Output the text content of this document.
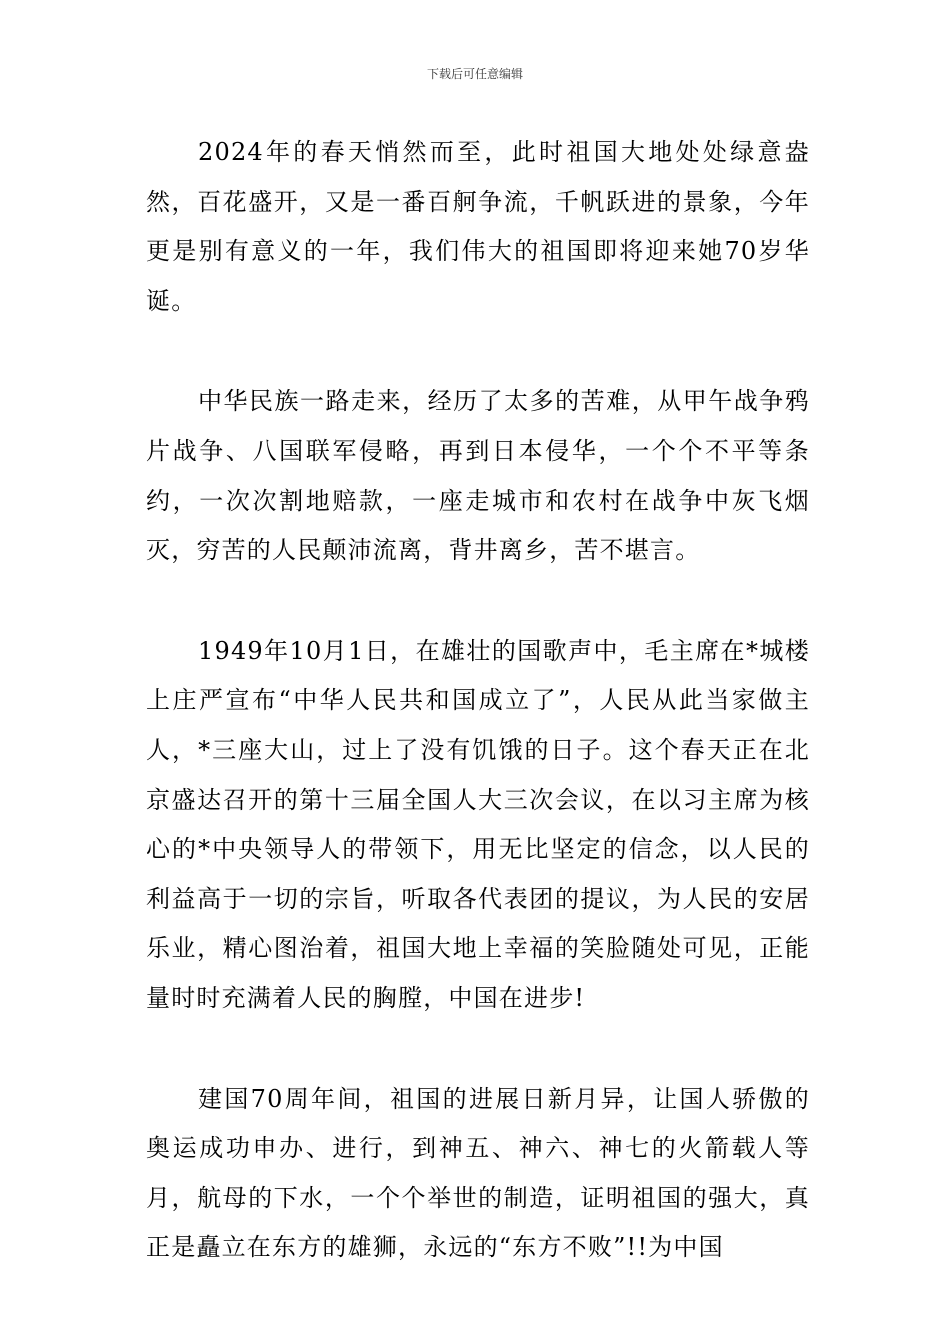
下载后可任意编辑

2024年的春天悄然而至，此时祖国大地处处绿意盎然，百花盛开，又是一番百舸争流，千帆跃进的景象，今年更是别有意义的一年，我们伟大的祖国即将迎来她70岁华诞。

中华民族一路走来，经历了太多的苦难，从甲午战争鸦片战争、八国联军侵略，再到日本侵华，一个个不平等条约，一次次割地赔款，一座走城市和农村在战争中灰飞烟灭，穷苦的人民颠沛流离，背井离乡，苦不堪言。

1949年10月1日，在雄壮的国歌声中，毛主席在*城楼上庄严宣布“中华人民共和国成立了”，人民从此当家做主人，*三座大山，过上了没有饥饿的日子。这个春天正在北京盛达召开的第十三届全国人大三次会议，在以习主席为核心的*中央领导人的带领下，用无比坚定的信念，以人民的利益高于一切的宗旨，听取各代表团的提议，为人民的安居乐业，精心图治着，祖国大地上幸福的笑脸随处可见，正能量时时充满着人民的胸膛，中国在进步!

建国70周年间，祖国的进展日新月异，让国人骄傲的奥运成功申办、进行，到神五、神六、神七的火箭载人等月，航母的下水，一个个举世的制造，证明祖国的强大，真正是矗立在东方的雄狮，永远的“东方不败”!!为中国
